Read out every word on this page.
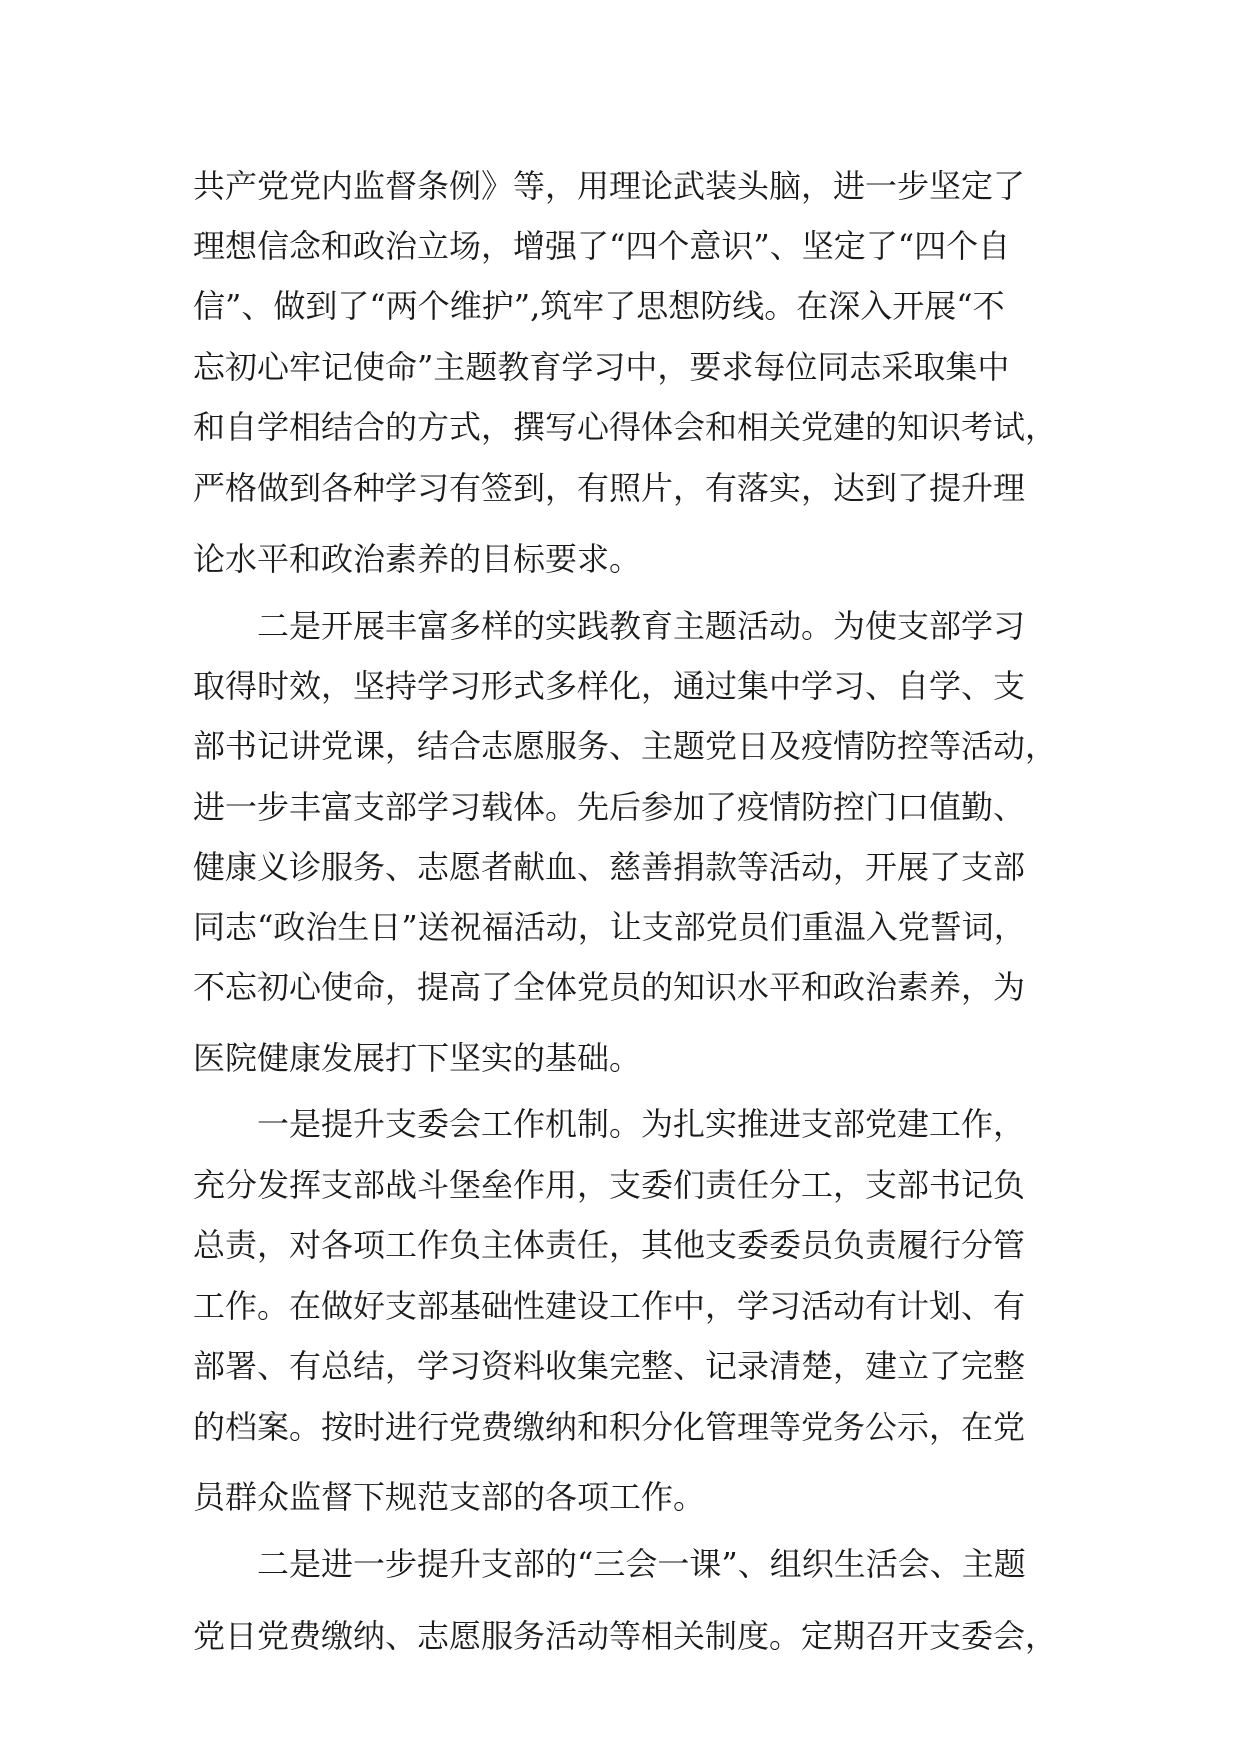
共产党党内监督条例》等，用理论武装头脑，进一步坚定了

理想信念和政治立场，增强了“四个意识”、坚定了“四个自

信”、做到了“两个维护”,筑牢了思想防线。在深入开展“不

忘初心牢记使命”主题教育学习中，要求每位同志采取集中

和自学相结合的方式，撰写心得体会和相关党建的知识考试，

严格做到各种学习有签到，有照片，有落实，达到了提升理

论水平和政治素养的目标要求。

　　二是开展丰富多样的实践教育主题活动。为使支部学习

取得时效，坚持学习形式多样化，通过集中学习、自学、支

部书记讲党课，结合志愿服务、主题党日及疫情防控等活动，

进一步丰富支部学习载体。先后参加了疫情防控门口值勤、

健康义诊服务、志愿者献血、慈善捐款等活动，开展了支部

同志“政治生日”送祝福活动，让支部党员们重温入党誓词，

不忘初心使命，提高了全体党员的知识水平和政治素养，为

医院健康发展打下坚实的基础。

　　一是提升支委会工作机制。为扎实推进支部党建工作，

充分发挥支部战斗堡垒作用，支委们责任分工，支部书记负

总责，对各项工作负主体责任，其他支委委员负责履行分管

工作。在做好支部基础性建设工作中，学习活动有计划、有

部署、有总结，学习资料收集完整、记录清楚，建立了完整

的档案。按时进行党费缴纳和积分化管理等党务公示，在党

员群众监督下规范支部的各项工作。

　　二是进一步提升支部的“三会一课”、组织生活会、主题

党日党费缴纳、志愿服务活动等相关制度。定期召开支委会，
